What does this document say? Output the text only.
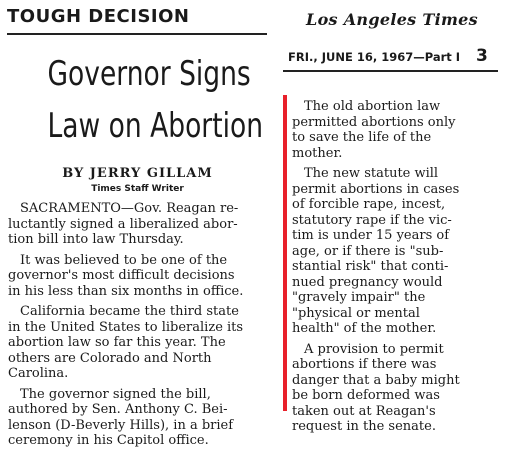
TOUGH DECISION
Governor Signs
Law on Abortion
BY JERRY GILLAM
Times Staff Writer

SACRAMENTO—Gov. Reagan re-
luctantly signed a liberalized abor-
tion bill into law Thursday.

It was believed to be one of the
governor's most difficult decisions
in his less than six months in office.

California became the third state
in the United States to liberalize its
abortion law so far this year. The
others are Colorado and North
Carolina.

The governor signed the bill,
authored by Sen. Anthony C. Bei-
lenson (D-Beverly Hills), in a brief
ceremony in his Capitol office.

Los Angeles Times
FRI., JUNE 16, 1967—Part I 3

The old abortion law
permitted abortions only
to save the life of the
mother.

The new statute will
permit abortions in cases
of forcible rape, incest,
statutory rape if the vic-
tim is under 15 years of
age, or if there is "sub-
stantial risk" that conti-
nued pregnancy would
"gravely impair" the
"physical or mental
health" of the mother.

A provision to permit
abortions if there was
danger that a baby might
be born deformed was
taken out at Reagan's
request in the senate.
